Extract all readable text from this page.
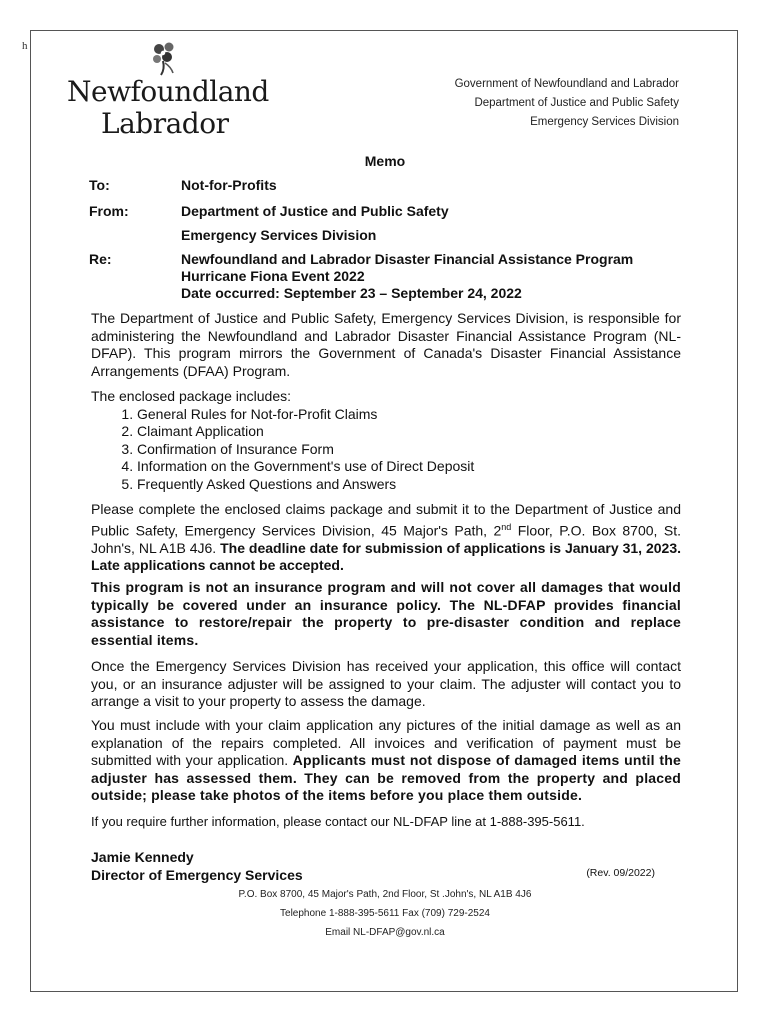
h
Newfoundland
Labrador
Government of Newfoundland and Labrador
Department of Justice and Public Safety
Emergency Services Division
Memo
To:	Not-for-Profits
From:	Department of Justice and Public Safety
Emergency Services Division
Re:	Newfoundland and Labrador Disaster Financial Assistance Program
Hurricane Fiona Event 2022
Date occurred: September 23 – September 24, 2022
The Department of Justice and Public Safety, Emergency Services Division, is responsible for administering the Newfoundland and Labrador Disaster Financial Assistance Program (NL-DFAP). This program mirrors the Government of Canada's Disaster Financial Assistance Arrangements (DFAA) Program.
The enclosed package includes:
1. General Rules for Not-for-Profit Claims
2. Claimant Application
3. Confirmation of Insurance Form
4. Information on the Government's use of Direct Deposit
5. Frequently Asked Questions and Answers
Please complete the enclosed claims package and submit it to the Department of Justice and Public Safety, Emergency Services Division, 45 Major's Path, 2nd Floor, P.O. Box 8700, St. John's, NL A1B 4J6. The deadline date for submission of applications is January 31, 2023. Late applications cannot be accepted.
This program is not an insurance program and will not cover all damages that would typically be covered under an insurance policy. The NL-DFAP provides financial assistance to restore/repair the property to pre-disaster condition and replace essential items.
Once the Emergency Services Division has received your application, this office will contact you, or an insurance adjuster will be assigned to your claim. The adjuster will contact you to arrange a visit to your property to assess the damage.
You must include with your claim application any pictures of the initial damage as well as an explanation of the repairs completed. All invoices and verification of payment must be submitted with your application. Applicants must not dispose of damaged items until the adjuster has assessed them. They can be removed from the property and placed outside; please take photos of the items before you place them outside.
If you require further information, please contact our NL-DFAP line at 1-888-395-5611.
Jamie Kennedy
Director of Emergency Services	(Rev. 09/2022)
P.O. Box 8700, 45 Major's Path, 2nd Floor, St .John's, NL A1B 4J6
Telephone 1-888-395-5611 Fax (709) 729-2524
Email NL-DFAP@gov.nl.ca
